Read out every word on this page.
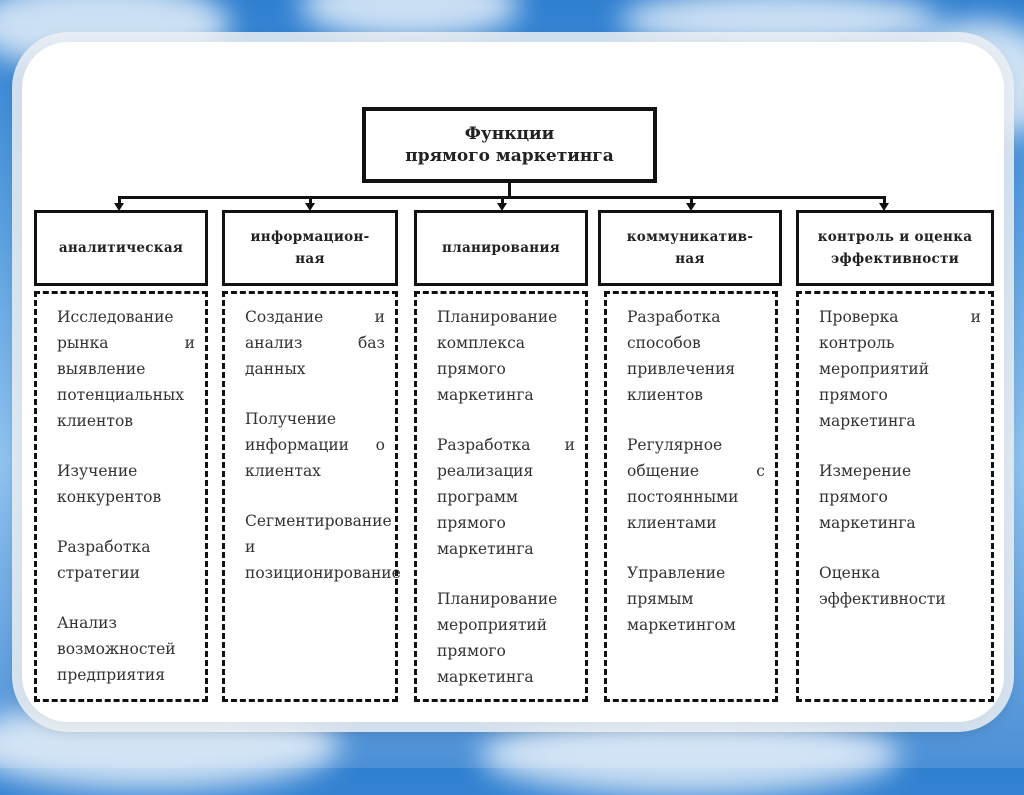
Функции
прямого маркетинга
аналитическая
информацион-ная
планирования
коммуникатив-ная
контроль и оценка эффективности

Исследование рынка и выявление потенциальных клиентов

Изучение конкурентов

Разработка стратегии

Анализ возможностей предприятия

Создание и анализ баз данных

Получение информации о клиентах

Сегментирование и позиционирование

Планирование комплекса прямого маркетинга

Разработка и реализация программ прямого маркетинга

Планирование мероприятий прямого маркетинга

Разработка способов привлечения клиентов

Регулярное общение с постоянными клиентами

Управление прямым маркетингом

Проверка и контроль мероприятий прямого маркетинга

Измерение прямого маркетинга

Оценка эффективности
